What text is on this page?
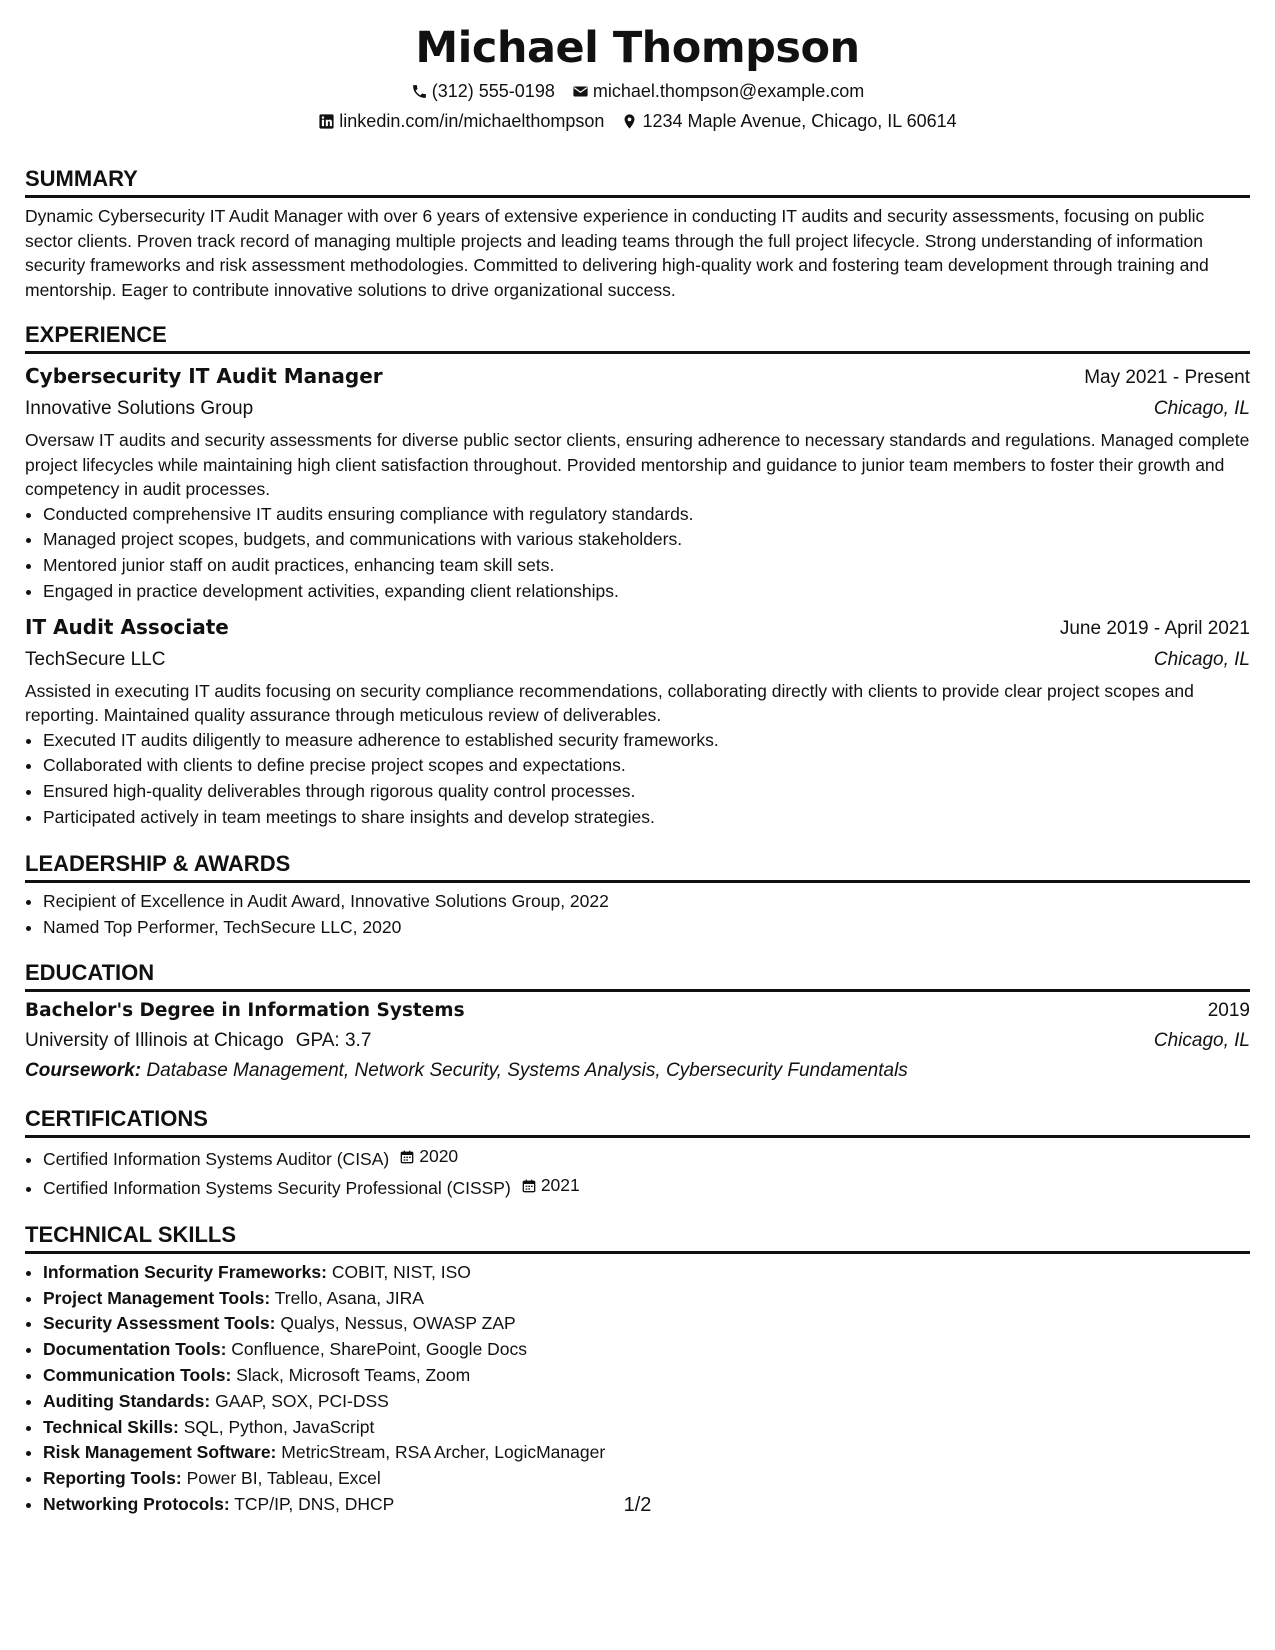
Michael Thompson
(312) 555-0198 michael.thompson@example.com
linkedin.com/in/michaelthompson 1234 Maple Avenue, Chicago, IL 60614
SUMMARY

Dynamic Cybersecurity IT Audit Manager with over 6 years of extensive experience in conducting IT audits and security assessments, focusing on public sector clients. Proven track record of managing multiple projects and leading teams through the full project lifecycle. Strong understanding of information security frameworks and risk assessment methodologies. Committed to delivering high-quality work and fostering team development through training and mentorship. Eager to contribute innovative solutions to drive organizational success.

EXPERIENCE
Cybersecurity IT Audit Manager	May 2021 - Present
Innovative Solutions Group	Chicago, IL

Oversaw IT audits and security assessments for diverse public sector clients, ensuring adherence to necessary standards and regulations. Managed complete project lifecycles while maintaining high client satisfaction throughout. Provided mentorship and guidance to junior team members to foster their growth and competency in audit processes.

• Conducted comprehensive IT audits ensuring compliance with regulatory standards.
• Managed project scopes, budgets, and communications with various stakeholders.
• Mentored junior staff on audit practices, enhancing team skill sets.
• Engaged in practice development activities, expanding client relationships.
IT Audit Associate	June 2019 - April 2021
TechSecure LLC	Chicago, IL

Assisted in executing IT audits focusing on security compliance recommendations, collaborating directly with clients to provide clear project scopes and reporting. Maintained quality assurance through meticulous review of deliverables.

• Executed IT audits diligently to measure adherence to established security frameworks.
• Collaborated with clients to define precise project scopes and expectations.
• Ensured high-quality deliverables through rigorous quality control processes.
• Participated actively in team meetings to share insights and develop strategies.
LEADERSHIP & AWARDS
• Recipient of Excellence in Audit Award, Innovative Solutions Group, 2022
• Named Top Performer, TechSecure LLC, 2020
EDUCATION
Bachelor's Degree in Information Systems	2019
University of Illinois at Chicago GPA: 3.7	Chicago, IL
Coursework: Database Management, Network Security, Systems Analysis, Cybersecurity Fundamentals
CERTIFICATIONS
• Certified Information Systems Auditor (CISA) 2020
• Certified Information Systems Security Professional (CISSP) 2021
TECHNICAL SKILLS
• Information Security Frameworks: COBIT, NIST, ISO
• Project Management Tools: Trello, Asana, JIRA
• Security Assessment Tools: Qualys, Nessus, OWASP ZAP
• Documentation Tools: Confluence, SharePoint, Google Docs
• Communication Tools: Slack, Microsoft Teams, Zoom
• Auditing Standards: GAAP, SOX, PCI-DSS
• Technical Skills: SQL, Python, JavaScript
• Risk Management Software: MetricStream, RSA Archer, LogicManager
• Reporting Tools: Power BI, Tableau, Excel
• Networking Protocols: TCP/IP, DNS, DHCP	1/2
